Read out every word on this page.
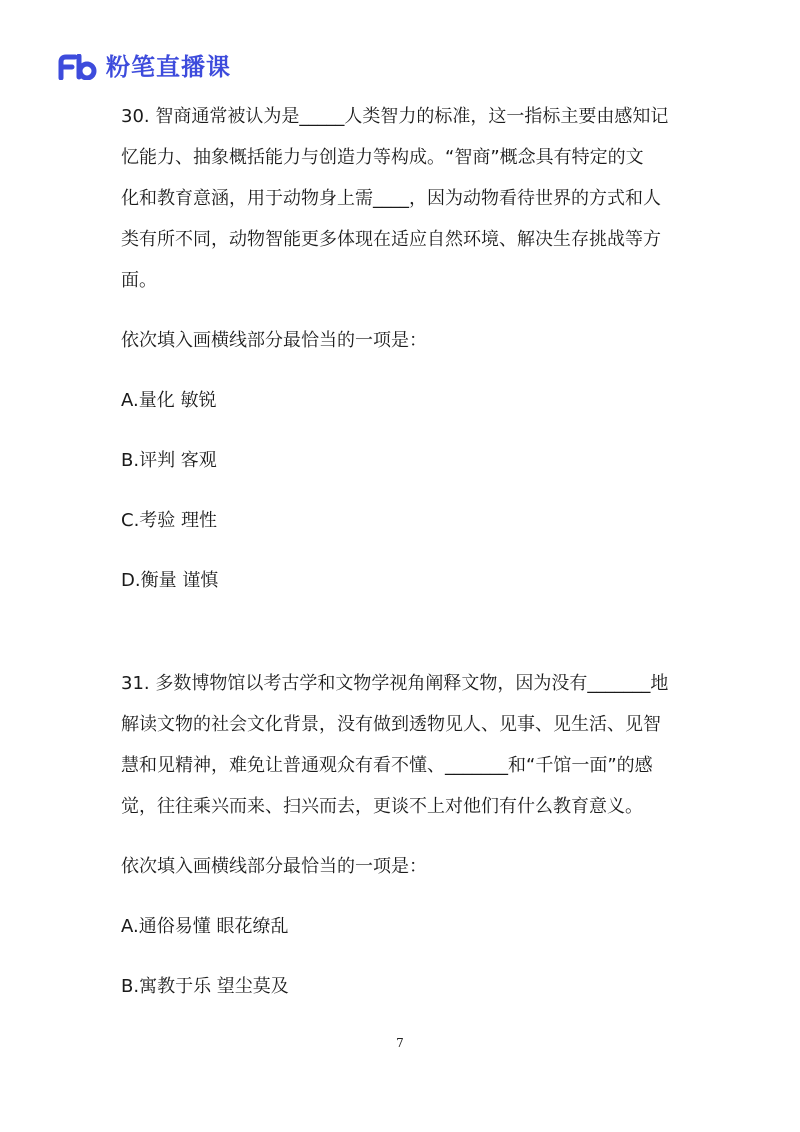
粉笔直播课

30. 智商通常被认为是_____人类智力的标准，这一指标主要由感知记

忆能力、抽象概括能力与创造力等构成。“智商”概念具有特定的文

化和教育意涵，用于动物身上需____，因为动物看待世界的方式和人

类有所不同，动物智能更多体现在适应自然环境、解决生存挑战等方

面。

依次填入画横线部分最恰当的一项是：

A.量化 敏锐

B.评判 客观

C.考验 理性

D.衡量 谨慎

31. 多数博物馆以考古学和文物学视角阐释文物，因为没有_______地

解读文物的社会文化背景，没有做到透物见人、见事、见生活、见智

慧和见精神，难免让普通观众有看不懂、_______和“千馆一面”的感

觉，往往乘兴而来、扫兴而去，更谈不上对他们有什么教育意义。

依次填入画横线部分最恰当的一项是：

A.通俗易懂 眼花缭乱

B.寓教于乐 望尘莫及

7
